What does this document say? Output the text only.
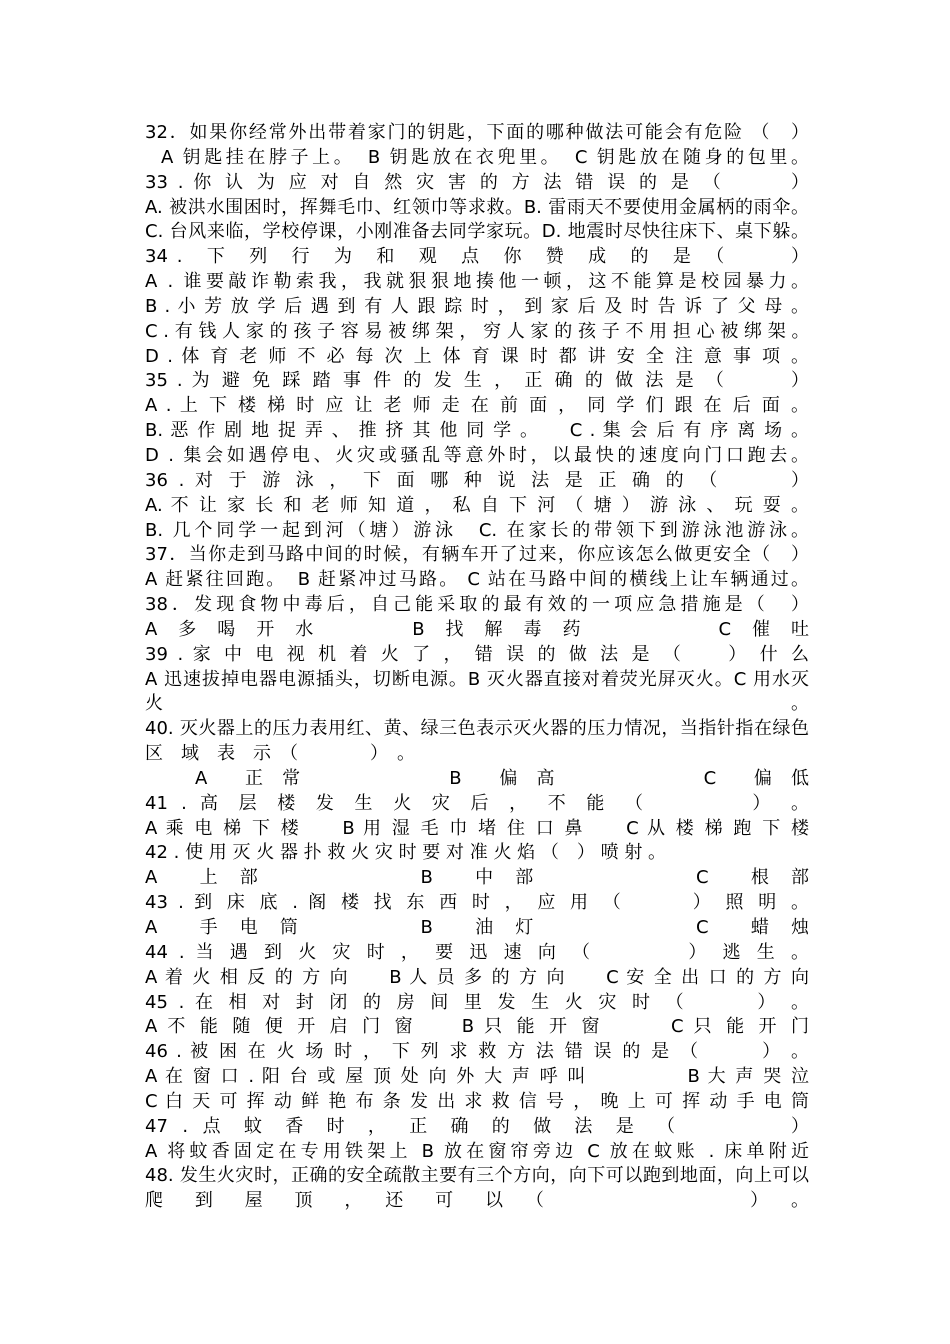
32．如果你经常外出带着家门的钥匙，下面的哪种做法可能会有危险 （　）
A 钥匙挂在脖子上。　B 钥匙放在衣兜里。　C 钥匙放在随身的包里。
33 . 你 认 为 应 对 自 然 灾 害 的 方 法 错 误 的 是 （　　　）
A. 被洪水围困时，挥舞毛巾、红领巾等求救。B. 雷雨天不要使用金属柄的雨伞。
C. 台风来临，学校停课，小刚准备去同学家玩。D. 地震时尽快往床下、桌下躲。
34 .　下　列　行　为　和　观　点　你　赞　成　的　是　（　　　）
A . 谁要敲诈勒索我，我就狠狠地揍他一顿，这不能算是校园暴力。
B . 小 芳 放 学 后 遇 到 有 人 跟 踪 时 ， 到 家 后 及 时 告 诉 了 父 母 。
C . 有 钱 人 家 的 孩 子 容 易 被 绑 架 ， 穷 人 家 的 孩 子 不 用 担 心 被 绑 架 。
D . 体 育 老 师 不 必 每 次 上 体 育 课 时 都 讲 安 全 注 意 事 项 。
35 . 为 避 免 踩 踏 事 件 的 发 生 ， 正 确 的 做 法 是 （　　　）
A . 上 下 楼 梯 时 应 让 老 师 走 在 前 面 ， 同 学 们 跟 在 后 面 。
B. 恶 作 剧 地 捉 弄 、 推 挤 其 他 同 学 。　　C . 集 会 后 有 序 离 场 。
D . 集会如遇停电、火灾或骚乱等意外时，以最快的速度向门口跑去。
36 . 对 于 游 泳 ， 下 面 哪 种 说 法 是 正 确 的 （　　　）
A. 不 让 家 长 和 老 师 知 道 ， 私 自 下 河 （ 塘 ） 游 泳 、 玩 耍 。
B. 几个同学一起到河（塘）游泳　C. 在家长的带领下到游泳池游泳。
37．当你走到马路中间的时候，有辆车开了过来，你应该怎么做更安全（　）
A 赶紧往回跑。　B 赶紧冲过马路。 C 站在马路中间的横线上让车辆通过。
38．发现食物中毒后，自己能采取的最有效的一项应急措施是（　）
A　多　喝　开　水　　　　　B　找　解　毒　药　　　　　　　C　催　吐
39 . 家 中 电 视 机 着 火 了 ， 错 误 的 做 法 是 （　　） 什 么
A 迅速拔掉电器电源插头，切断电源。B 灭火器直接对着荧光屏灭火。C 用水灭
火　　　　　　　　　　　　　　　　　　　　　　　　　　　　　　　　　　。
40. 灭火器上的压力表用红、黄、绿三色表示灭火器的压力情况，当指针指在绿色
区　域　表　示　（　　　　）　。
A　　正　常　　　　　　　　B　　偏　高　　　　　　　　C　　偏　低
41 . 高 层 楼 发 生 火 灾 后 ， 不 能 （　　　　） 。
A 乘 电 梯 下 楼　　B 用 湿 毛 巾 堵 住 口 鼻　　C 从 楼 梯 跑 下 楼
42 . 使 用 灭 火 器 扑 救 火 灾 时 要 对 准 火 焰 （　） 喷 射 。
A　　上　部　　　　　　　　B　　中　部　　　　　　　　C　　根　部
43 . 到 床 底 . 阁 楼 找 东 西 时 ， 应 用 （　　　） 照 明 。
A　　手　电　筒　　　　　　B　　油　灯　　　　　　　　C　　蜡　烛
44 . 当 遇 到 火 灾 时 ， 要 迅 速 向 （　　　　） 逃 生 。
A 着 火 相 反 的 方 向　　B 人 员 多 的 方 向　　C 安 全 出 口 的 方 向
45 . 在 相 对 封 闭 的 房 间 里 发 生 火 灾 时 （　　　） 。
A 不 能 随 便 开 启 门 窗　　B 只 能 开 窗　　　C 只 能 开 门
46 . 被 困 在 火 场 时 ， 下 列 求 救 方 法 错 误 的 是 （　　　） 。
A 在 窗 口 . 阳 台 或 屋 顶 处 向 外 大 声 呼 叫　　　　　B 大 声 哭 泣
C 白 天 可 挥 动 鲜 艳 布 条 发 出 求 救 信 号 ， 晚 上 可 挥 动 手 电 筒
47 . 点 蚊 香 时 ， 正 确 的 做 法 是 （　　　　）
A 将蚊香固定在专用铁架上 B 放在窗帘旁边 C 放在蚊账 . 床单附近
48. 发生火灾时，正确的安全疏散主要有三个方向，向下可以跑到地面，向上可以
爬　到　屋　顶　，　还　可　以　（　　　　　　　　）　。
